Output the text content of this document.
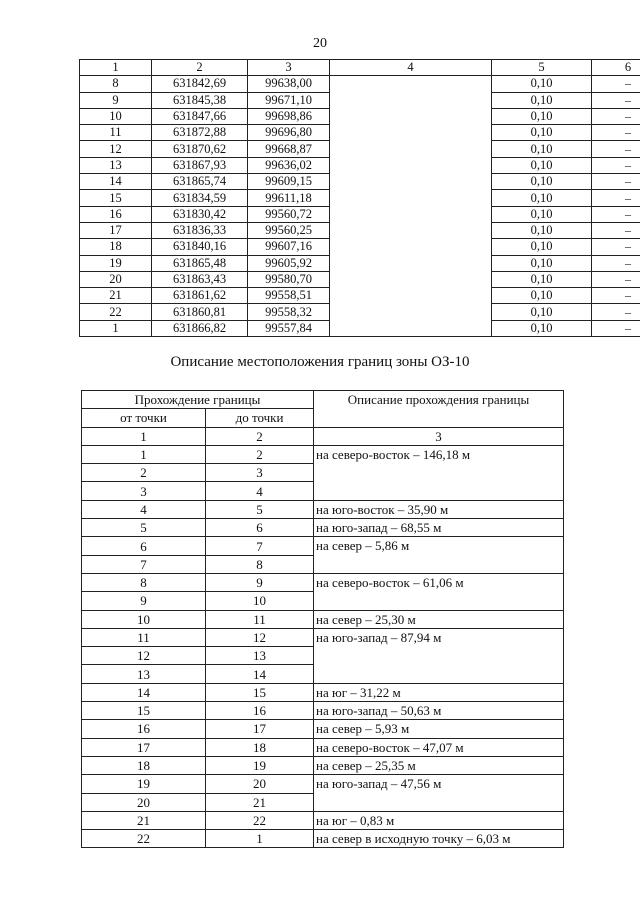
20
1	2	3	4	5	6
8	631842,69	99638,00		0,10	–
9	631845,38	99671,10		0,10	–
10	631847,66	99698,86		0,10	–
11	631872,88	99696,80		0,10	–
12	631870,62	99668,87		0,10	–
13	631867,93	99636,02		0,10	–
14	631865,74	99609,15		0,10	–
15	631834,59	99611,18		0,10	–
16	631830,42	99560,72		0,10	–
17	631836,33	99560,25		0,10	–
18	631840,16	99607,16		0,10	–
19	631865,48	99605,92		0,10	–
20	631863,43	99580,70		0,10	–
21	631861,62	99558,51		0,10	–
22	631860,81	99558,32		0,10	–
1	631866,82	99557,84		0,10	–
Описание местоположения границ зоны ОЗ-10
Прохождение границы		Описание прохождения границы
от точки	до точки	
1	2	3
1	2	на северо-восток – 146,18 м
2	3	
3	4	
4	5	на юго-восток – 35,90 м
5	6	на юго-запад – 68,55 м
6	7	на север – 5,86 м
7	8	
8	9	на северо-восток – 61,06 м
9	10	
10	11	на север – 25,30 м
11	12	на юго-запад – 87,94 м
12	13	
13	14	
14	15	на юг – 31,22 м
15	16	на юго-запад – 50,63 м
16	17	на север – 5,93 м
17	18	на северо-восток – 47,07 м
18	19	на север – 25,35 м
19	20	на юго-запад – 47,56 м
20	21	
21	22	на юг – 0,83 м
22	1	на север в исходную точку – 6,03 м
